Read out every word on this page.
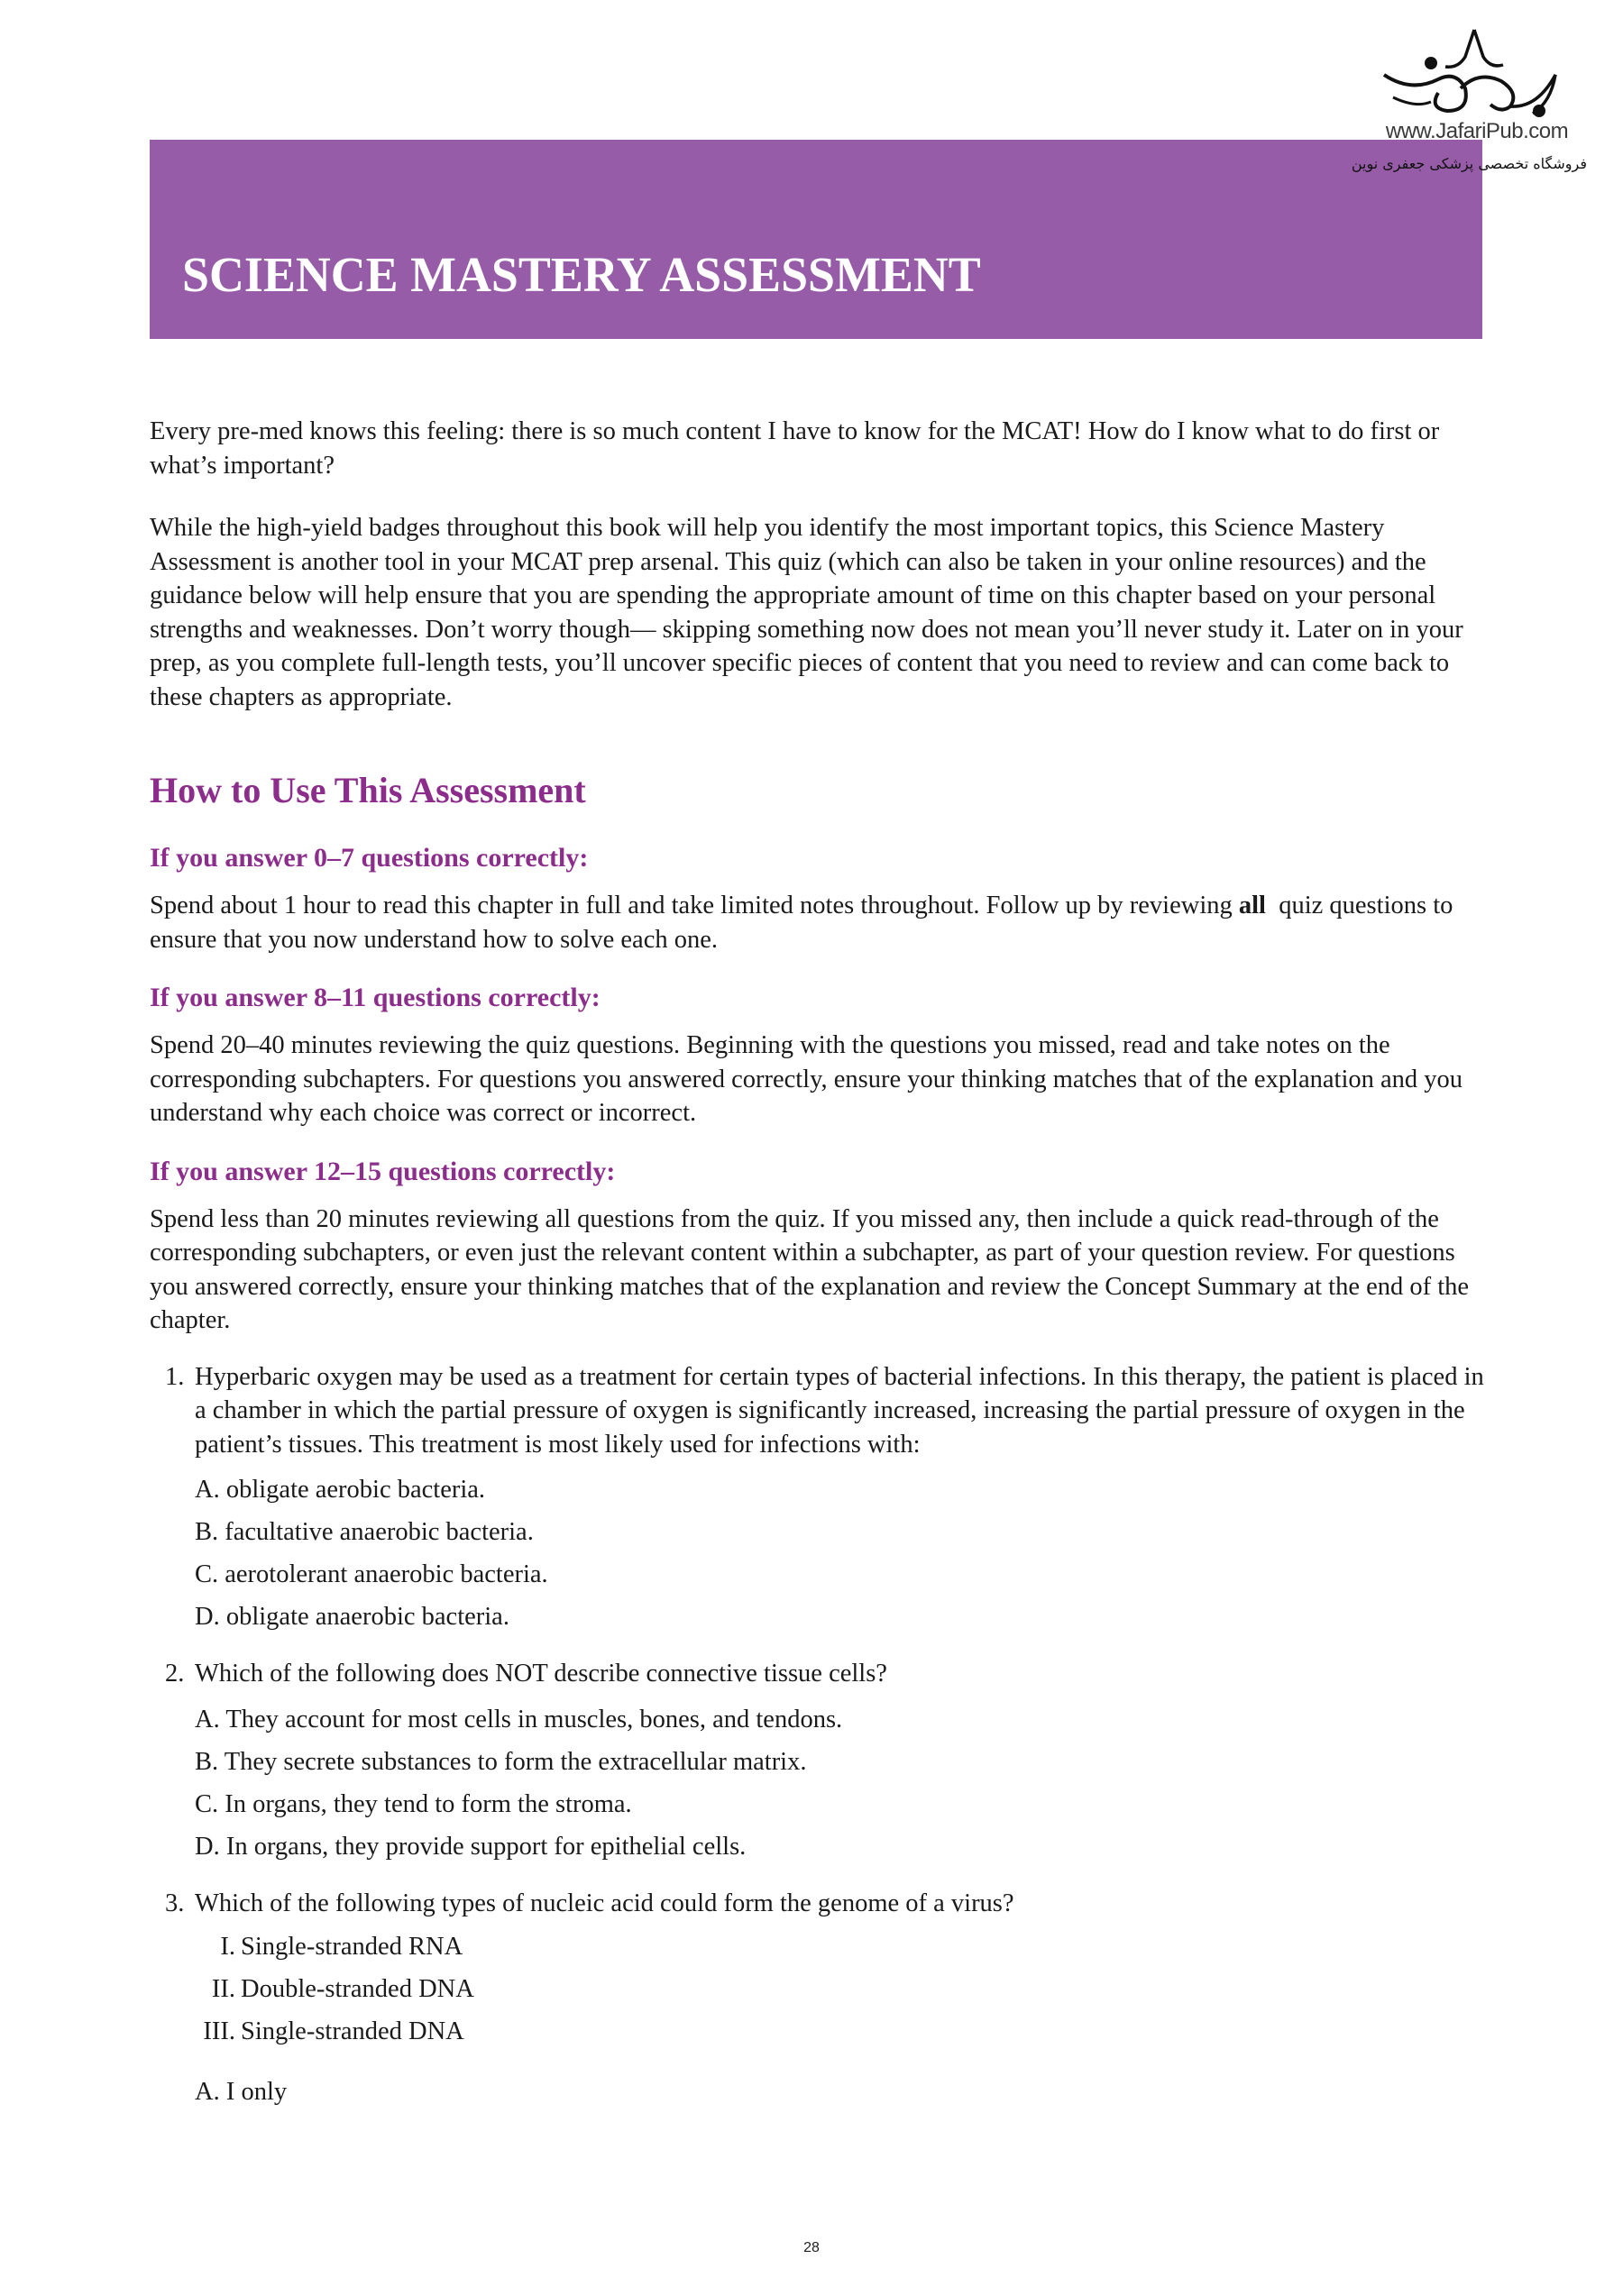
www.JafariPub.com
فروشگاه تخصصی پزشکی جعفری نوین
SCIENCE MASTERY ASSESSMENT

Every pre-med knows this feeling: there is so much content I have to know for the MCAT! How do I know what to do first or what’s important?

While the high-yield badges throughout this book will help you identify the most important topics, this Science Mastery Assessment is another tool in your MCAT prep arsenal. This quiz (which can also be taken in your online resources) and the guidance below will help ensure that you are spending the appropriate amount of time on this chapter based on your personal strengths and weaknesses. Don’t worry though— skipping something now does not mean you’ll never study it. Later on in your prep, as you complete full-length tests, you’ll uncover specific pieces of content that you need to review and can come back to these chapters as appropriate.

How to Use This Assessment
If you answer 0–7 questions correctly:

Spend about 1 hour to read this chapter in full and take limited notes throughout. Follow up by reviewing all  quiz questions to ensure that you now understand how to solve each one.

If you answer 8–11 questions correctly:

Spend 20–40 minutes reviewing the quiz questions. Beginning with the questions you missed, read and take notes on the corresponding subchapters. For questions you answered correctly, ensure your thinking matches that of the explanation and you understand why each choice was correct or incorrect.

If you answer 12–15 questions correctly:

Spend less than 20 minutes reviewing all questions from the quiz. If you missed any, then include a quick read-through of the corresponding subchapters, or even just the relevant content within a subchapter, as part of your question review. For questions you answered correctly, ensure your thinking matches that of the explanation and review the Concept Summary at the end of the chapter.

1. Hyperbaric oxygen may be used as a treatment for certain types of bacterial infections. In this therapy, the patient is placed in a chamber in which the partial pressure of oxygen is significantly increased, increasing the partial pressure of oxygen in the patient’s tissues. This treatment is most likely used for infections with:
A. obligate aerobic bacteria.
B. facultative anaerobic bacteria.
C. aerotolerant anaerobic bacteria.
D. obligate anaerobic bacteria.
2. Which of the following does NOT describe connective tissue cells?
A. They account for most cells in muscles, bones, and tendons.
B. They secrete substances to form the extracellular matrix.
C. In organs, they tend to form the stroma.
D. In organs, they provide support for epithelial cells.
3. Which of the following types of nucleic acid could form the genome of a virus?
I. Single-stranded RNA
II. Double-stranded DNA
III. Single-stranded DNA
A. I only
28
